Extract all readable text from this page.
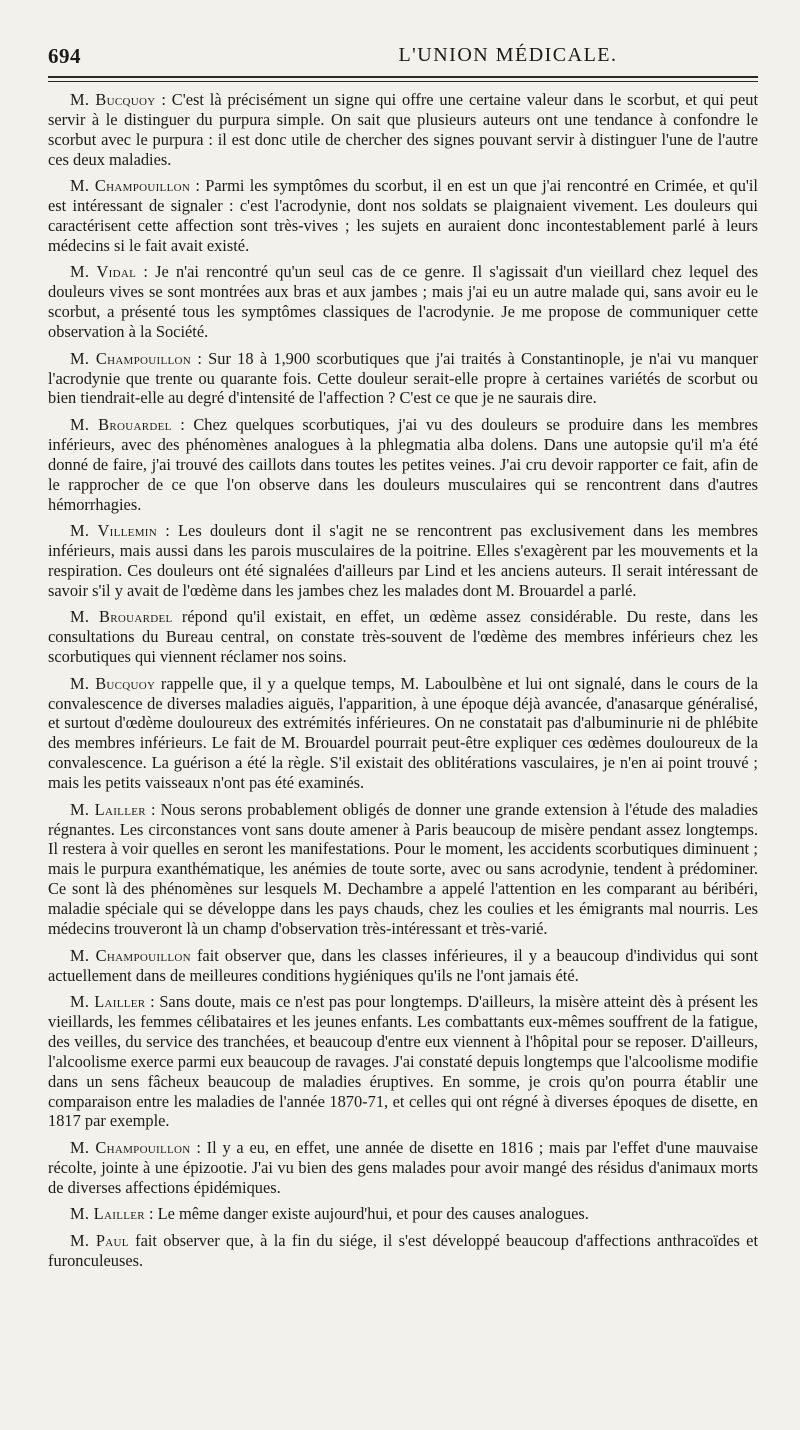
694	L'UNION MÉDICALE.

M. Bucquoy : C'est là précisément un signe qui offre une certaine valeur dans le scorbut, et qui peut servir à le distinguer du purpura simple. On sait que plusieurs auteurs ont une tendance à confondre le scorbut avec le purpura : il est donc utile de chercher des signes pouvant servir à distinguer l'une de l'autre ces deux maladies.

M. Champouillon : Parmi les symptômes du scorbut, il en est un que j'ai rencontré en Crimée, et qu'il est intéressant de signaler : c'est l'acrodynie, dont nos soldats se plaignaient vivement. Les douleurs qui caractérisent cette affection sont très-vives ; les sujets en auraient donc incontestablement parlé à leurs médecins si le fait avait existé.

M. Vidal : Je n'ai rencontré qu'un seul cas de ce genre. Il s'agissait d'un vieillard chez lequel des douleurs vives se sont montrées aux bras et aux jambes ; mais j'ai eu un autre malade qui, sans avoir eu le scorbut, a présenté tous les symptômes classiques de l'acrodynie. Je me propose de communiquer cette observation à la Société.

M. Champouillon : Sur 18 à 1,900 scorbutiques que j'ai traités à Constantinople, je n'ai vu manquer l'acrodynie que trente ou quarante fois. Cette douleur serait-elle propre à certaines variétés de scorbut ou bien tiendrait-elle au degré d'intensité de l'affection ? C'est ce que je ne saurais dire.

M. Brouardel : Chez quelques scorbutiques, j'ai vu des douleurs se produire dans les membres inférieurs, avec des phénomènes analogues à la phlegmatia alba dolens. Dans une autopsie qu'il m'a été donné de faire, j'ai trouvé des caillots dans toutes les petites veines. J'ai cru devoir rapporter ce fait, afin de le rapprocher de ce que l'on observe dans les douleurs musculaires qui se rencontrent dans d'autres hémorrhagies.

M. Villemin : Les douleurs dont il s'agit ne se rencontrent pas exclusivement dans les membres inférieurs, mais aussi dans les parois musculaires de la poitrine. Elles s'exagèrent par les mouvements et la respiration. Ces douleurs ont été signalées d'ailleurs par Lind et les anciens auteurs. Il serait intéressant de savoir s'il y avait de l'œdème dans les jambes chez les malades dont M. Brouardel a parlé.

M. Brouardel répond qu'il existait, en effet, un œdème assez considérable. Du reste, dans les consultations du Bureau central, on constate très-souvent de l'œdème des membres inférieurs chez les scorbutiques qui viennent réclamer nos soins.

M. Bucquoy rappelle que, il y a quelque temps, M. Laboulbène et lui ont signalé, dans le cours de la convalescence de diverses maladies aiguës, l'apparition, à une époque déjà avancée, d'anasarque généralisé, et surtout d'œdème douloureux des extrémités inférieures. On ne constatait pas d'albuminurie ni de phlébite des membres inférieurs. Le fait de M. Brouardel pourrait peut-être expliquer ces œdèmes douloureux de la convalescence. La guérison a été la règle. S'il existait des oblitérations vasculaires, je n'en ai point trouvé ; mais les petits vaisseaux n'ont pas été examinés.

M. Lailler : Nous serons probablement obligés de donner une grande extension à l'étude des maladies régnantes. Les circonstances vont sans doute amener à Paris beaucoup de misère pendant assez longtemps. Il restera à voir quelles en seront les manifestations. Pour le moment, les accidents scorbutiques diminuent ; mais le purpura exanthématique, les anémies de toute sorte, avec ou sans acrodynie, tendent à prédominer. Ce sont là des phénomènes sur lesquels M. Dechambre a appelé l'attention en les comparant au béribéri, maladie spéciale qui se développe dans les pays chauds, chez les coulies et les émigrants mal nourris. Les médecins trouveront là un champ d'observation très-intéressant et très-varié.

M. Champouillon fait observer que, dans les classes inférieures, il y a beaucoup d'individus qui sont actuellement dans de meilleures conditions hygiéniques qu'ils ne l'ont jamais été.

M. Lailler : Sans doute, mais ce n'est pas pour longtemps. D'ailleurs, la misère atteint dès à présent les vieillards, les femmes célibataires et les jeunes enfants. Les combattants eux-mêmes souffrent de la fatigue, des veilles, du service des tranchées, et beaucoup d'entre eux viennent à l'hôpital pour se reposer. D'ailleurs, l'alcoolisme exerce parmi eux beaucoup de ravages. J'ai constaté depuis longtemps que l'alcoolisme modifie dans un sens fâcheux beaucoup de maladies éruptives. En somme, je crois qu'on pourra établir une comparaison entre les maladies de l'année 1870-71, et celles qui ont régné à diverses époques de disette, en 1817 par exemple.

M. Champouillon : Il y a eu, en effet, une année de disette en 1816 ; mais par l'effet d'une mauvaise récolte, jointe à une épizootie. J'ai vu bien des gens malades pour avoir mangé des résidus d'animaux morts de diverses affections épidémiques.

M. Lailler : Le même danger existe aujourd'hui, et pour des causes analogues.

M. Paul fait observer que, à la fin du siége, il s'est développé beaucoup d'affections anthracoïdes et furonculeuses.
